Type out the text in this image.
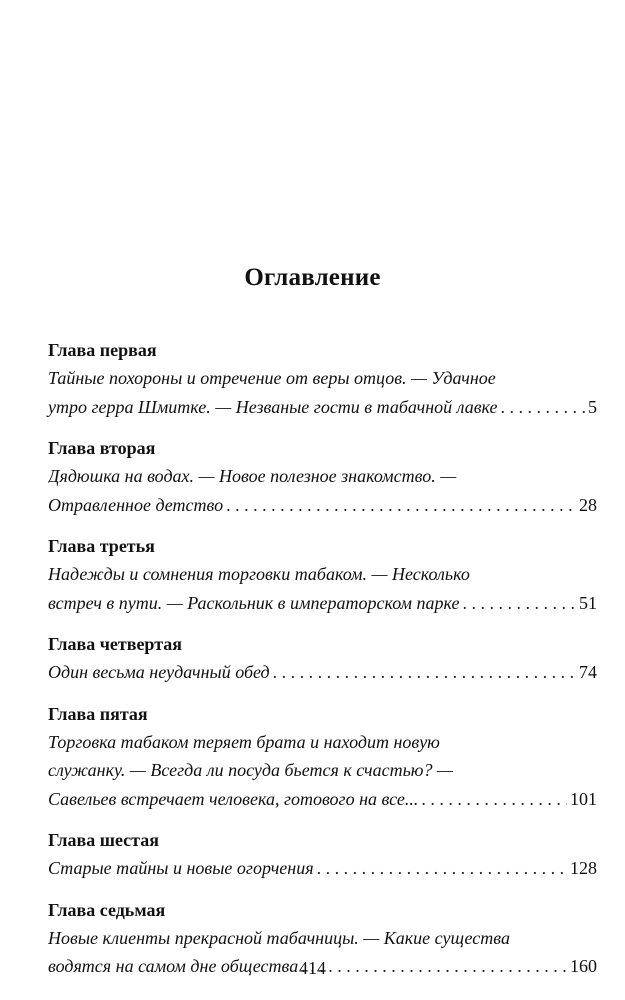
Оглавление
Глава первая
Тайные похороны и отречение от веры отцов. — Удачное
утро герра Шмитке. — Незваные гости в табачной лавке . . .	5
Глава вторая
Дядюшка на водах. — Новое полезное знакомство. —
Отравленное детство . . .	28
Глава третья
Надежды и сомнения торговки табаком. — Несколько
встреч в пути. — Раскольник в императорском парке . . .	51
Глава четвертая
Один весьма неудачный обед . . .	74
Глава пятая
Торговка табаком теряет брата и находит новую
служанку. — Всегда ли посуда бьется к счастью? —
Савельев встречает человека, готового на все... . . .	101
Глава шестая
Старые тайны и новые огорчения . . .	128
Глава седьмая
Новые клиенты прекрасной табачницы. — Какие существа
водятся на самом дне общества . . .	160
414
